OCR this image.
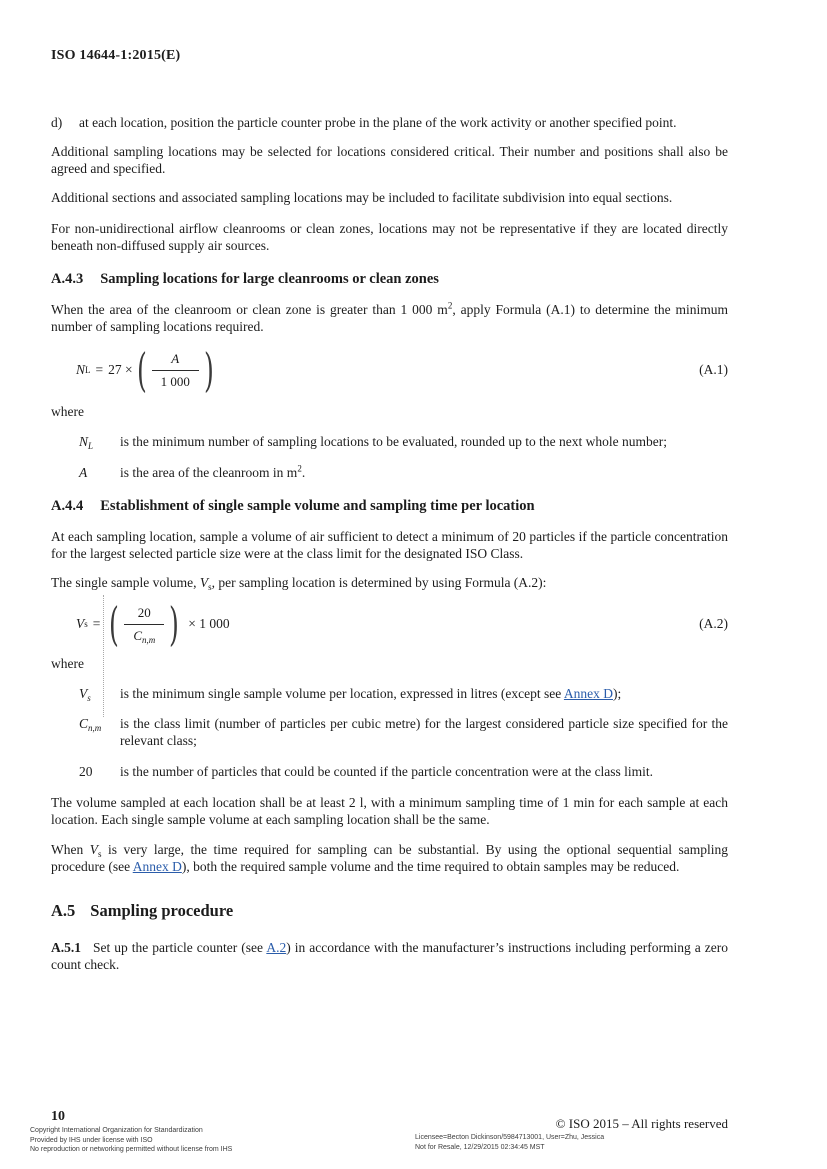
ISO 14644-1:2015(E)
d)	at each location, position the particle counter probe in the plane of the work activity or another specified point.

Additional sampling locations may be selected for locations considered critical. Their number and positions shall also be agreed and specified.

Additional sections and associated sampling locations may be included to facilitate subdivision into equal sections.

For non-unidirectional airflow cleanrooms or clean zones, locations may not be representative if they are located directly beneath non-diffused supply air sources.

A.4.3 Sampling locations for large cleanrooms or clean zones

When the area of the cleanroom or clean zone is greater than 1 000 $m^2$, apply Formula (A.1) to determine the minimum number of sampling locations required.

N L = 27 × ( $\frac{A}{1 000}$ )	(A.1)
where
$N_L$	is the minimum number of sampling locations to be evaluated, rounded up to the next whole number;
A	is the area of the cleanroom in $m^2$.
A.4.4 Establishment of single sample volume and sampling time per location

At each sampling location, sample a volume of air sufficient to detect a minimum of 20 particles if the particle concentration for the largest selected particle size were at the class limit for the designated ISO Class.

The single sample volume, $V_s$, per sampling location is determined by using Formula (A.2):

V s = ( $\frac{20}{C_{n,m}}$ ) × 1 000	(A.2)
where
$V_s$	is the minimum single sample volume per location, expressed in litres (except see Annex D);
$C_{n,m}$	is the class limit (number of particles per cubic metre) for the largest considered particle size specified for the relevant class;
20	is the number of particles that could be counted if the particle concentration were at the class limit.

The volume sampled at each location shall be at least 2 l, with a minimum sampling time of 1 min for each sample at each location. Each single sample volume at each sampling location shall be the same.

When $V_s$ is very large, the time required for sampling can be substantial. By using the optional sequential sampling procedure (see Annex D), both the required sample volume and the time required to obtain samples may be reduced.

A.5 Sampling procedure

A.5.1 Set up the particle counter (see A.2) in accordance with the manufacturer’s instructions including performing a zero count check.

10	© ISO 2015 – All rights reserved
Copyright International Organization for Standardization
Provided by IHS under license with ISO
No reproduction or networking permitted without license from IHS
Licensee=Becton Dickinson/5984713001, User=Zhu, Jessica
Not for Resale, 12/29/2015 02:34:45 MST
